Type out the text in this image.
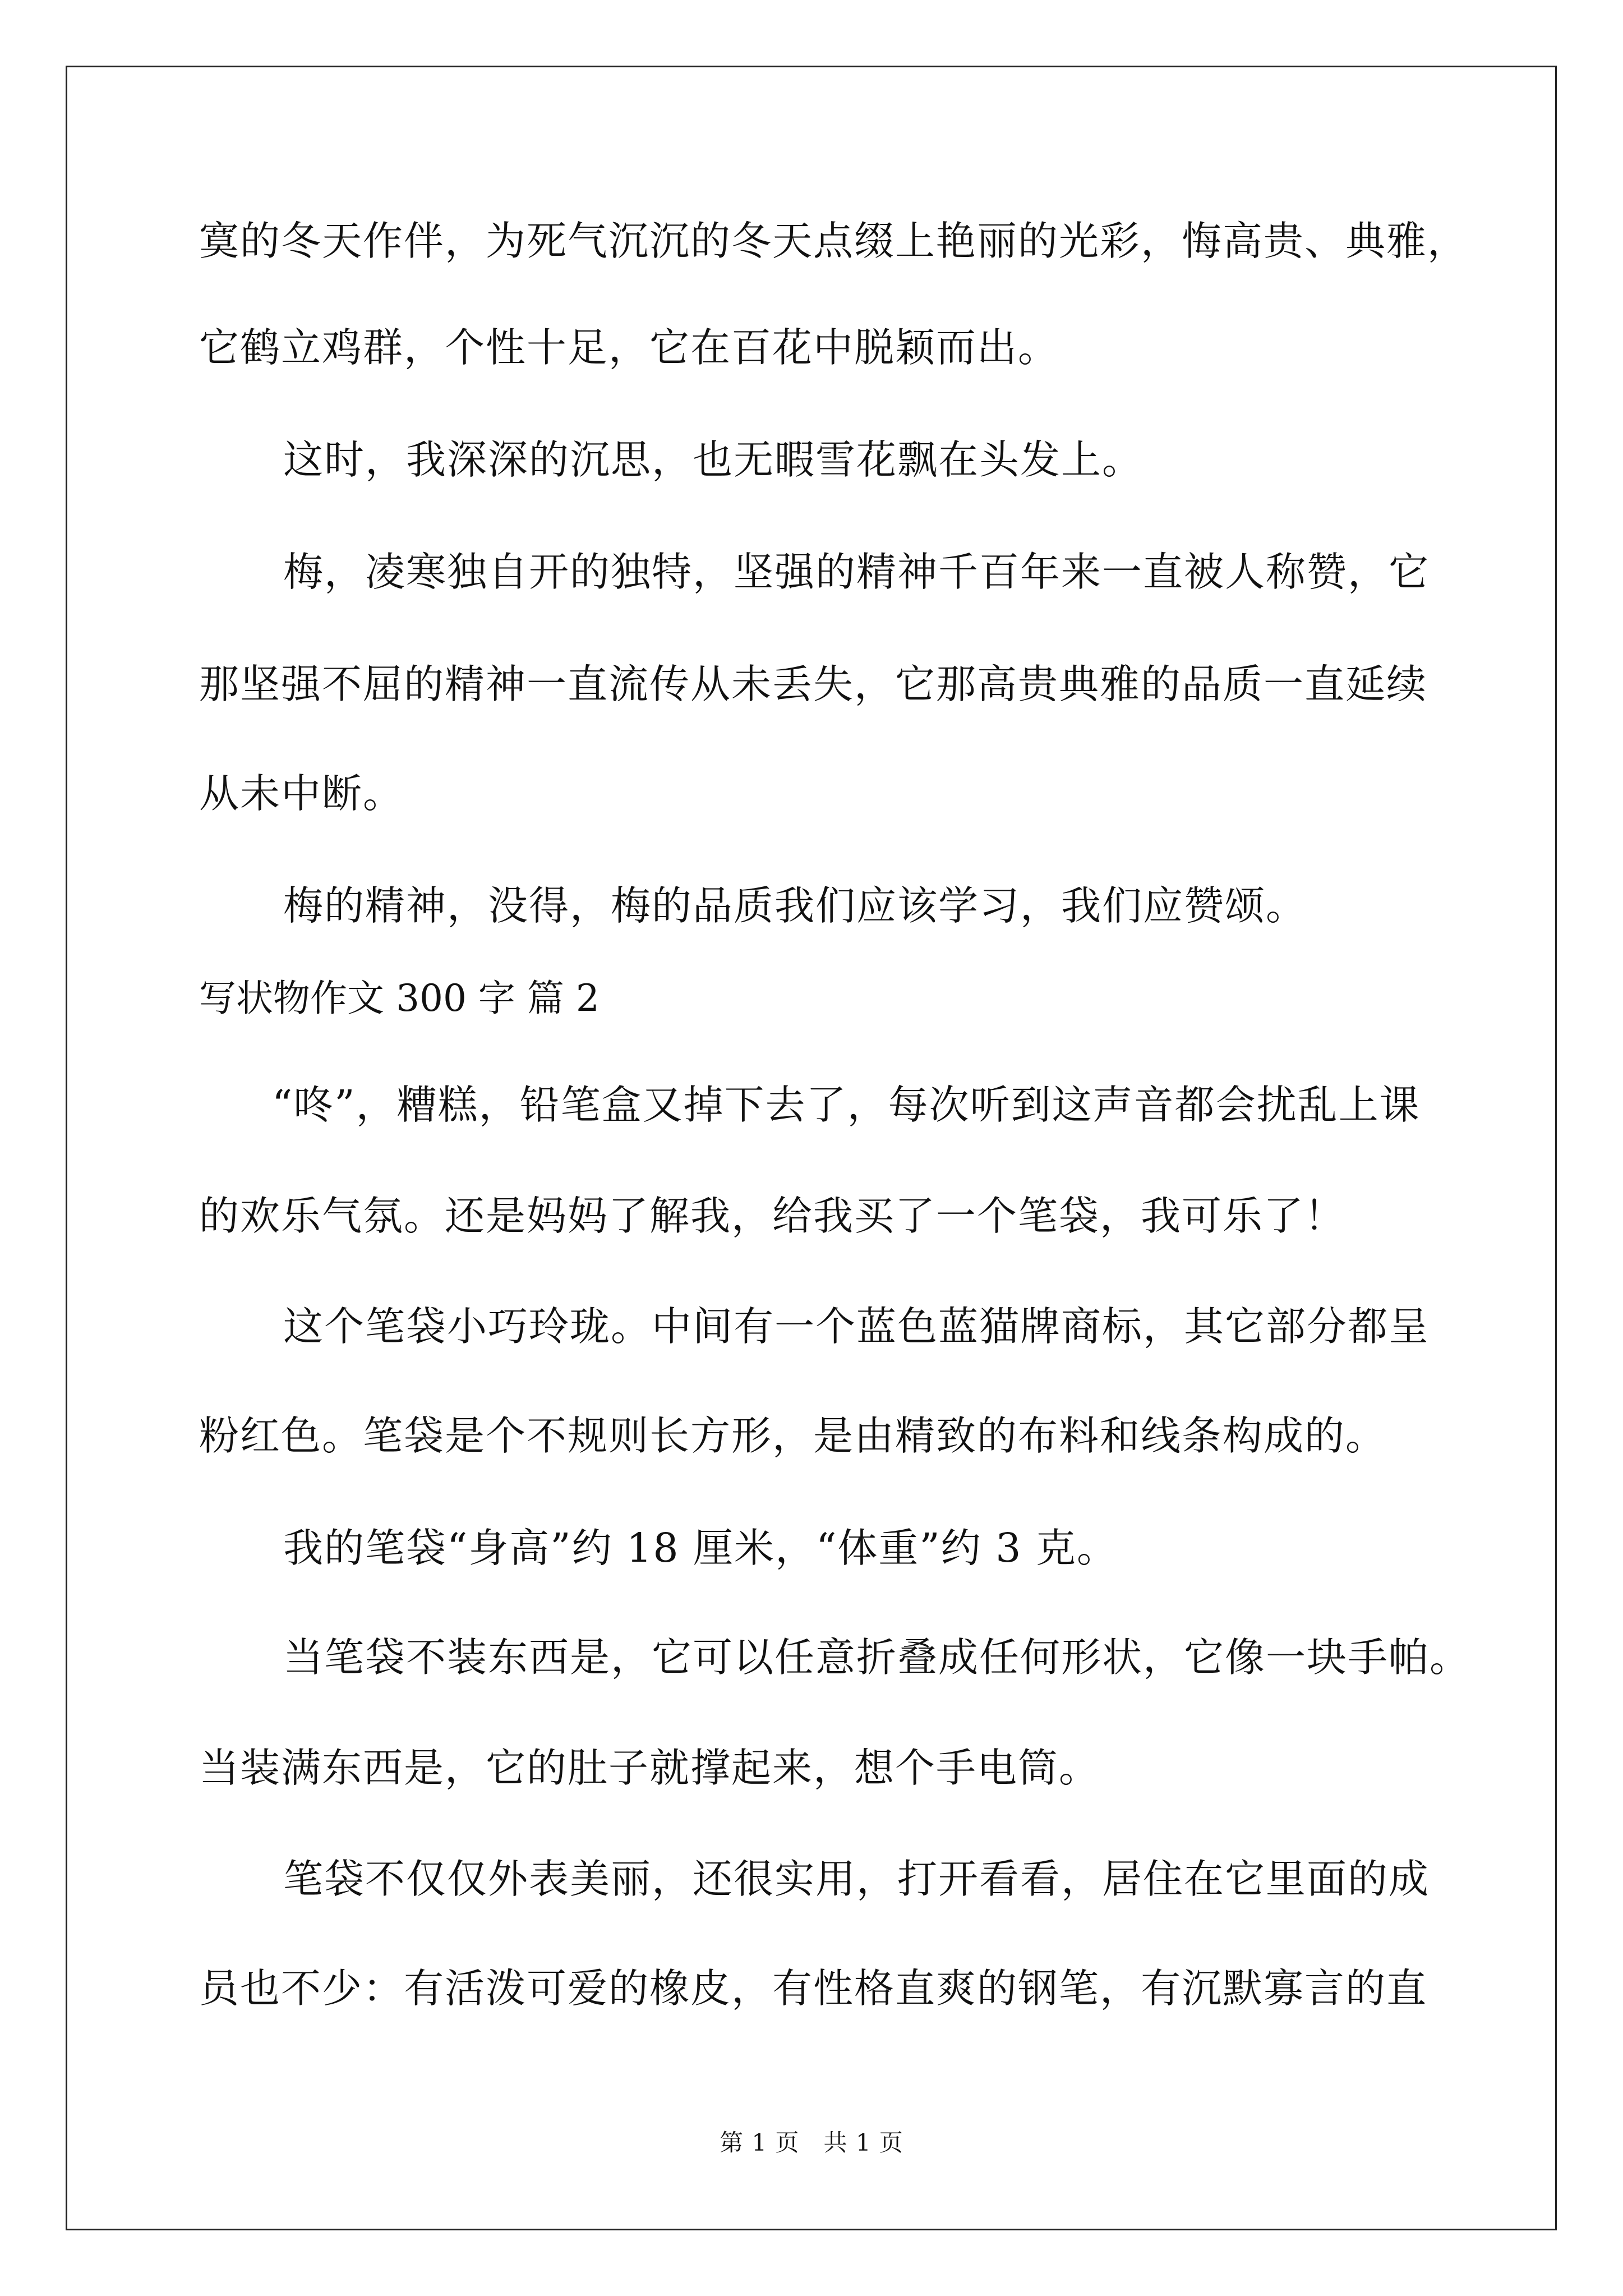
寞的冬天作伴，为死气沉沉的冬天点缀上艳丽的光彩，悔高贵、典雅，
它鹤立鸡群，个性十足，它在百花中脱颖而出。
这时，我深深的沉思，也无暇雪花飘在头发上。
梅，凌寒独自开的独特，坚强的精神千百年来一直被人称赞，它
那坚强不屈的精神一直流传从未丢失，它那高贵典雅的品质一直延续
从未中断。
梅的精神，没得，梅的品质我们应该学习，我们应赞颂。
写状物作文 300 字 篇 2
“咚”，糟糕，铅笔盒又掉下去了，每次听到这声音都会扰乱上课
的欢乐气氛。还是妈妈了解我，给我买了一个笔袋，我可乐了！
这个笔袋小巧玲珑。中间有一个蓝色蓝猫牌商标，其它部分都呈
粉红色。笔袋是个不规则长方形，是由精致的布料和线条构成的。
我的笔袋“身高”约 18 厘米，“体重”约 3 克。
当笔袋不装东西是，它可以任意折叠成任何形状，它像一块手帕。
当装满东西是，它的肚子就撑起来，想个手电筒。
笔袋不仅仅外表美丽，还很实用，打开看看，居住在它里面的成
员也不少：有活泼可爱的橡皮，有性格直爽的钢笔，有沉默寡言的直
第 1 页　共 1 页
